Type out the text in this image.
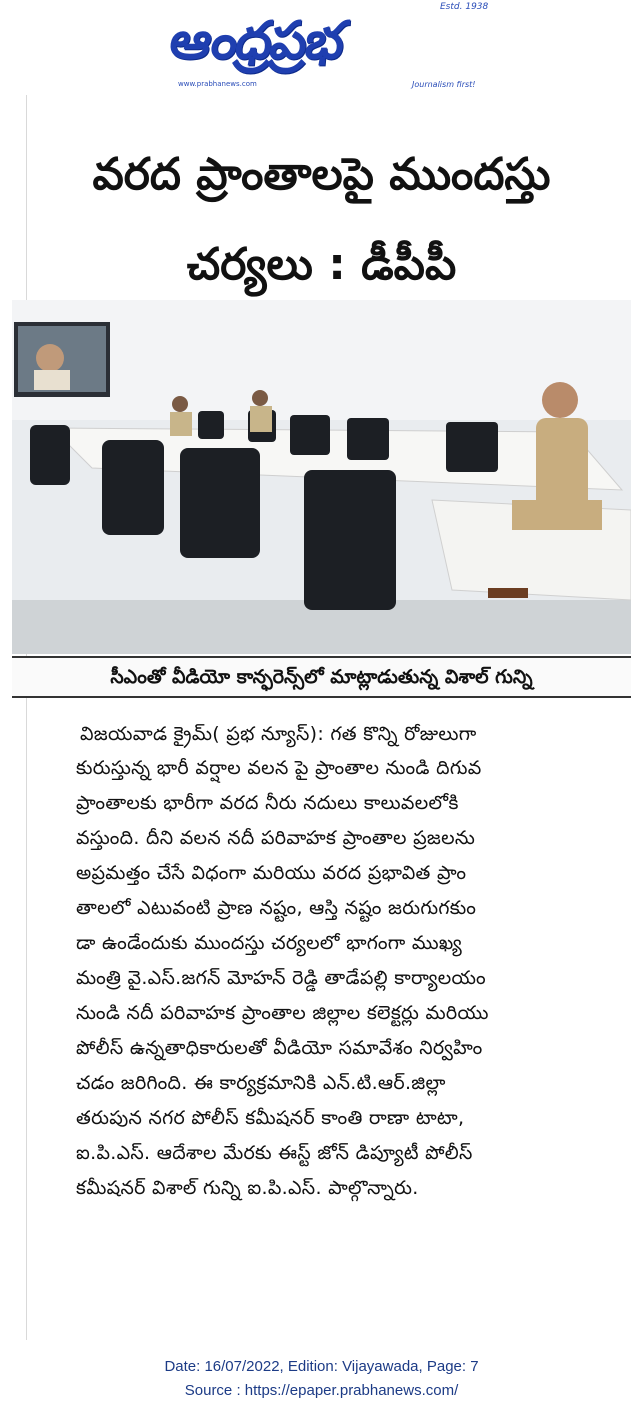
ఆంధ్రప్రభ
Estd. 1938
www.prabhanews.com	Journalism first!
వరద ప్రాంతాలపై ముందస్తు
చర్యలు : డీపీపీ
సీఎంతో వీడియో కాన్ఫరెన్స్‌లో మాట్లాడుతున్న విశాల్ గున్ని
విజయవాడ క్రైమ్( ప్రభ న్యూస్): గత కొన్ని రోజులుగా
కురుస్తున్న భారీ వర్షాల వలన పై ప్రాంతాల నుండి దిగువ
ప్రాంతాలకు భారీగా వరద నీరు నదులు కాలువలలోకి
వస్తుంది. దీని వలన నదీ పరివాహక ప్రాంతాల ప్రజలను
అప్రమత్తం చేసే విధంగా మరియు వరద ప్రభావిత ప్రాం
తాలలో ఎటువంటి ప్రాణ నష్టం, ఆస్తి నష్టం జరుగుగకుం
డా ఉండేందుకు ముందస్తు చర్యలలో భాగంగా ముఖ్య
మంత్రి వై.ఎస్.జగన్ మోహన్ రెడ్డి తాడేపల్లి కార్యాలయం
నుండి నదీ పరివాహక ప్రాంతాల జిల్లాల కలెక్టర్లు మరియు
పోలీస్ ఉన్నతాధికారులతో వీడియో సమావేశం నిర్వహిం
చడం జరిగింది. ఈ కార్యక్రమానికి ఎన్.టి.ఆర్.జిల్లా
తరుపున నగర పోలీస్ కమీషనర్ కాంతి రాణా టాటా,
ఐ.పి.ఎస్. ఆదేశాల మేరకు ఈస్ట్ జోన్ డిప్యూటీ పోలీస్
కమీషనర్ విశాల్ గున్ని ఐ.పి.ఎస్. పాల్గొన్నారు.
Date: 16/07/2022, Edition: Vijayawada, Page: 7
Source : https://epaper.prabhanews.com/
